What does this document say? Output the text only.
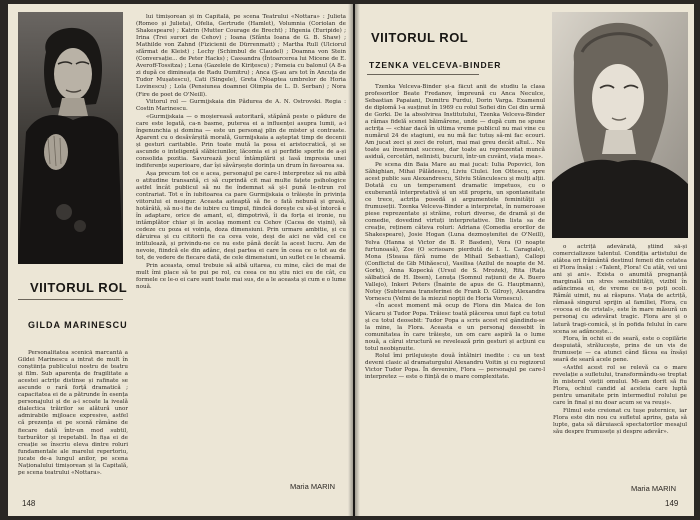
VIITORUL ROL
GILDA MARINESCU

Personalitatea scenică marcantă a Gildei Marinescu a intrat de mult în conștiința publicului nostru de teatru și film. Sub aparența de fragilitate a acestei actrițe distinse și rafinate se ascunde o rară forță dramatică ; capacitatea ei de a pătrunde în esența personajului și de a-i scoate la iveală dialectica trăirilor se alătură unor admirabile mijloace expresive, astfel că prezența ei pe scenă rămâne de fiecare dată într-un mod subtil, turburător și irepetabil. În fișa ei de creație se înscriu eleva dintre roluri fundamentale ale marelui repertoriu, jucate de-a lungul anilor, pe scena Naționalului timișorean și la Capitală, pe scena teatrului «Nottara».

lui timișorean și în Capitală, pe scena Teatrului «Nottara» : Julieta (Romeo și Julieta), Ofelia, Gertrude (Hamlet), Volumnia (Coriolan de Shakespeare) ; Katrin (Mutter Courage de Brecht) ; Ifigenia (Euripide) ; Irina (Trei surori de Cehov) ; Ioana (Sfânta Ioana de G. B. Shaw) ; Mathilde von Zahnd (Fizicienii de Dürrenmatt) ; Martha Rull (Ulciorul sfărmat de Kleist) ; Lechy (Schimbul de Claudel) ; Doamna von Stein (Conversație... de Peter Hacks) ; Cassandra (Întoarcerea lui Micene de E. Averoff-Tossitza) ; Lena (Gazelele de Kirițescu) ; Femeia cu balonul (A 8-a zi după ce dimineața de Radu Dumitru) ; Anca (Ș-au ars tot în Ancuța de Tudor Mușatescu), Cati (Singele), Greta (Noaptea umbrelor de Horia Lovinescu) ; Lola (Pensiunea doamnei Olimpia de L. D. Serban) ; Nora (Fire de poet de O'Neill).

Viitorul rol — Gurmijskaia din Pădurea de A. N. Ostrovski. Regia : Costin Marinescu.

«Gurmijskaia — o moșiereasă autoritară, stăpână peste o pădure de care este legată, ca-n basme, puterea ei a influenței asupra lumii, a-i îngenunchia și domina — este un personaj plin de mister și contraste. Aparent cu o desăvârșită morală, Gurmijskaia a așteptat timp de decenii și gesturi caritabile. Prin toate mută la posa ei aristocratică, și se ascunde o inteligență slăbiciunilor, lăcomia ei și perfidie sporite de a-și consolida pozitia. Savurează jocul întâmplării și lasă impresia unei indiferențe superioare, dar își săvârșește dorința un drum în favoarea sa.

Așa precum tot ce e acea, personajul pe care-l interpretez să nu aibă o atitudine transantă, ci să cuprindă cit mai multe fațete psihologice astfel încât publicul să nu fie îndemnat să și-l pună le-ntrun rol contrariat. Tot e în iubitoarea ca pare Gurmijskaia o trăiește în privința viitorului ei nesigur. Aceasta așteaptă să fie o fată nebună și grasă, hotărâtă, să nu-i fie de iubire cu timpul, fiindcă dorește cu să-și întorcă e în adaptare, orice de amant, el, dimpotrivă, îi da forța ei ironie, nu intâmplător chiar și în acelaș moment cu Cehov (Cacea de vișini), să cedeze cu poza ei voința, doza dimensiuni. Prin urmare ambitie, și cu dăruirea și cu cititorii fie ca ceva voie, deși de aici ne văd cel ce intitulează, și privindu-ne ce nu este până decât la acest lucru. Am de nevoie, fiindcă ele din adânc, deși partea ei care în ceea ce o tot au de tot, de vedere de fiecare dată, de cele dimensiuni, un suflet ce le cheamă.

Prin aceasta, omul trebuie să aibă uitarea, cu mine, căci de mai de mult îmi place să te pui pe rol, cu ceea ce nu știu nici eu de cât, cu formele ce le-o ei care sunt toate mai sus, de a le aceasta și cum e o lume nouă.

Maria MARIN
148
VIITORUL ROL
TZENKA VELCEVA-BINDER

Tzenka Velceva-Binder și-a făcut anii de studiu la clasa profesorilor Beate Fredanov, împreună cu Anca Neculce, Sebastian Papaiani, Dumitru Furdui, Dorin Varga. Examenul de diplomă l-a susținut în 1969 cu rolul Sofiei din Cei din urmă de Gorki. De la absolvirea Institutului, Tzenka Velceva-Binder a rămas fidelă scenei băimărene, unde — după cum ne spune actrița — «chiar dacă în ultima vreme publicul nu mai vine cu numărul 24 de stagiuni, eu nu mă fac tutuș să-mi fac ecouri. Am jucat zeci și zeci de roluri, mai mai greu decât altul... Nu toate au însemnat succese, dar toate au reprezentat muncă asiduă, cercetări, nelinisti, bucurii, într-un cuvânt, viața mea».

Pe scena din Baia Mare au mai jucat: Iulia Popovici, Ion Săhighian, Mihai Pălădescu, Liviu Ciulei. Ion Ottescu, spre acest public sau Alexandrescu, Silviu Stănculescu și mulți alții. Dotată cu un temperament dramatic impetuos, cu o exuberantă interpretativă și un stil propriu, un spontaneitate ce trece, actrița posedă și argumentele feminității și frumuseții. Tzenka Velceva-Binder a interpretat, în numeroase piese reprezentate și străine, roluri diverse, de dramă și de comedie, dovedind virtuți interpretative. Din lista sa de creație, reținem câteva roluri: Adriana (Comedia erorilor de Shakespeare), Josie Hogan (Luna dezmoștenitei de O'Neill), Yelva (Hanna și Victor de B. P. Basden), Vera (O noapte furtunoasă), Zoe (O scrisoare pierdută de I. L. Caragiale), Mona (Steaua fără nume de Mihail Sebastian), Callopi (Conflictul de Gib Mihăescu), Vasilisa (Azilul de noapte de M. Gorki), Anna Kopecká (Ursul de S. Mrożek), Rita (Rața sălbatică de H. Ibsen), Lenuța (Somnul rațiunii de A. Buero Vallejo), Inkeri Peters (Înainte de apus de G. Hauptmann), Notsy (Subterana transferinei de Frank D. Gilroy), Alexandra Vornescu (Velmi de la miezul nopții de Horia Vornescu).

«În acest moment mă ocup de Flora din Maica de Ion Văcaru și Tudor Popa. Trăiesc toată plăcerea unui fapt cu totul și cu totul deosebit: Tudor Popa a scris acest rol gândindu-se la mine, la Flora. Aceasta e un personaj deosebit în comunitatea în care trăiește, un om care aspiră la o lume nouă, a cărui structură se revelează prin gesturi și acțiuni cu totul neobișnuite.

Rolul îmi prilejuiește două întâlniri inedite : cu un text deveni clasic al dramaturgului Alexandru Voitin și cu regizorul Victor Tudor Popa. În devenire, Flora — personajul pe care-l interpretez — este o ființă de o mare complexitate.

o actriță adevărată, știind să-și comercializeze talentul. Condiția artistului de atâtea ori frământă destinul femeii din cetatea ei Flora însăși : «Talent, Flora! Cu atât, vei uni ani și ani». Exista o anumită pregnanță marginală un stres sensibilității, vizibil în adâncimea ei, de vreme ce n-o poți ocoli. Rămâi uimit, nu ai răspuns. Viața de actriță, rămasă singurul sprijin al familiei, Flora, cu «vocea ei de cristal», este în mare măsură un personaj cu adevărat tragic. Flora are și o latură tragi-comică, și în pofida felului în care scena se adâncește...

Flora, în ochii ei de seară, este o copilărie despuiată, strălucește, prins de un vis de frumusețe — ca atunci când făcea ea însăși seară de seară acele pene.

«Astfel acest rol se relevă ca o mare revelație a sufletului, transformându-se treptat în misterul vieții omului. Mi-am dorit să fiu Flora, ochiul candid al aceleia care luptă pentru umanitate prin intermediul rolului pe care în final și nu doar acum se va reuși».

Filmul este creionat cu tușe puternice, iar Flora este din nou cu sufletul aprins, gata să lupte, gata să dăruiască spectatorilor mesajul său despre frumusețe și despre adevăr».

Maria MARIN
149
